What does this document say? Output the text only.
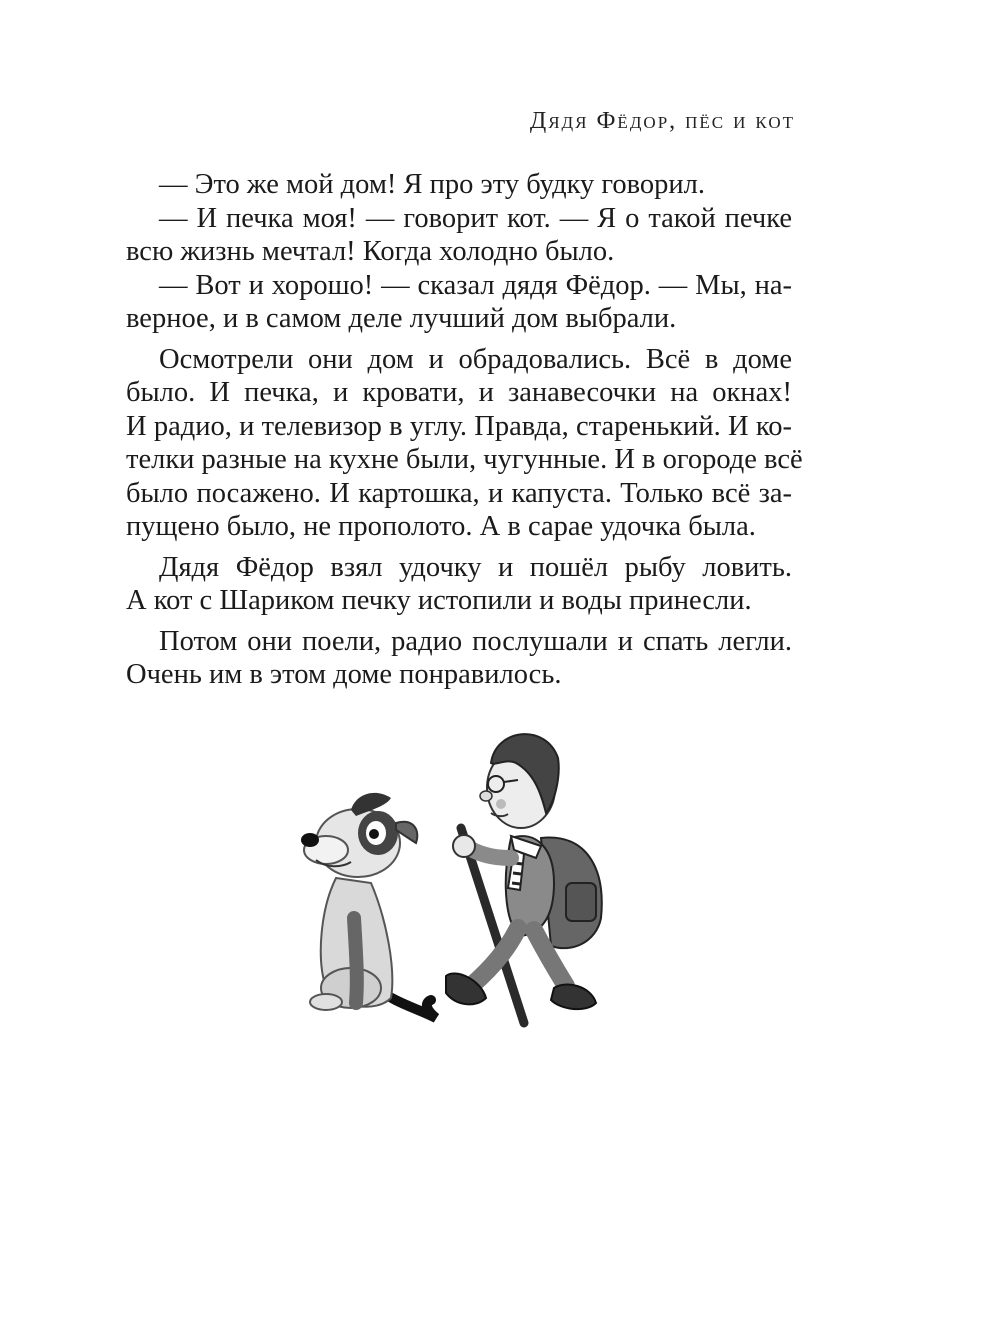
Дядя Фёдор, пёс и кот

— Это же мой дом! Я про эту будку говорил.

— И печка моя! — говорит кот. — Я о такой печке
всю жизнь мечтал! Когда холодно было.

— Вот и хорошо! — сказал дядя Фёдор. — Мы, на-
верное, и в самом деле лучший дом выбрали.

Осмотрели они дом и обрадовались. Всё в доме
было. И печка, и кровати, и занавесочки на окнах!
И радио, и телевизор в углу. Правда, старенький. И ко-
телки разные на кухне были, чугунные. И в огороде всё
было посажено. И картошка, и капуста. Только всё за-
пущено было, не прополото. А в сарае удочка была.

Дядя Фёдор взял удочку и пошёл рыбу ловить.
А кот с Шариком печку истопили и воды принесли.

Потом они поели, радио послушали и спать легли.
Очень им в этом доме понравилось.
